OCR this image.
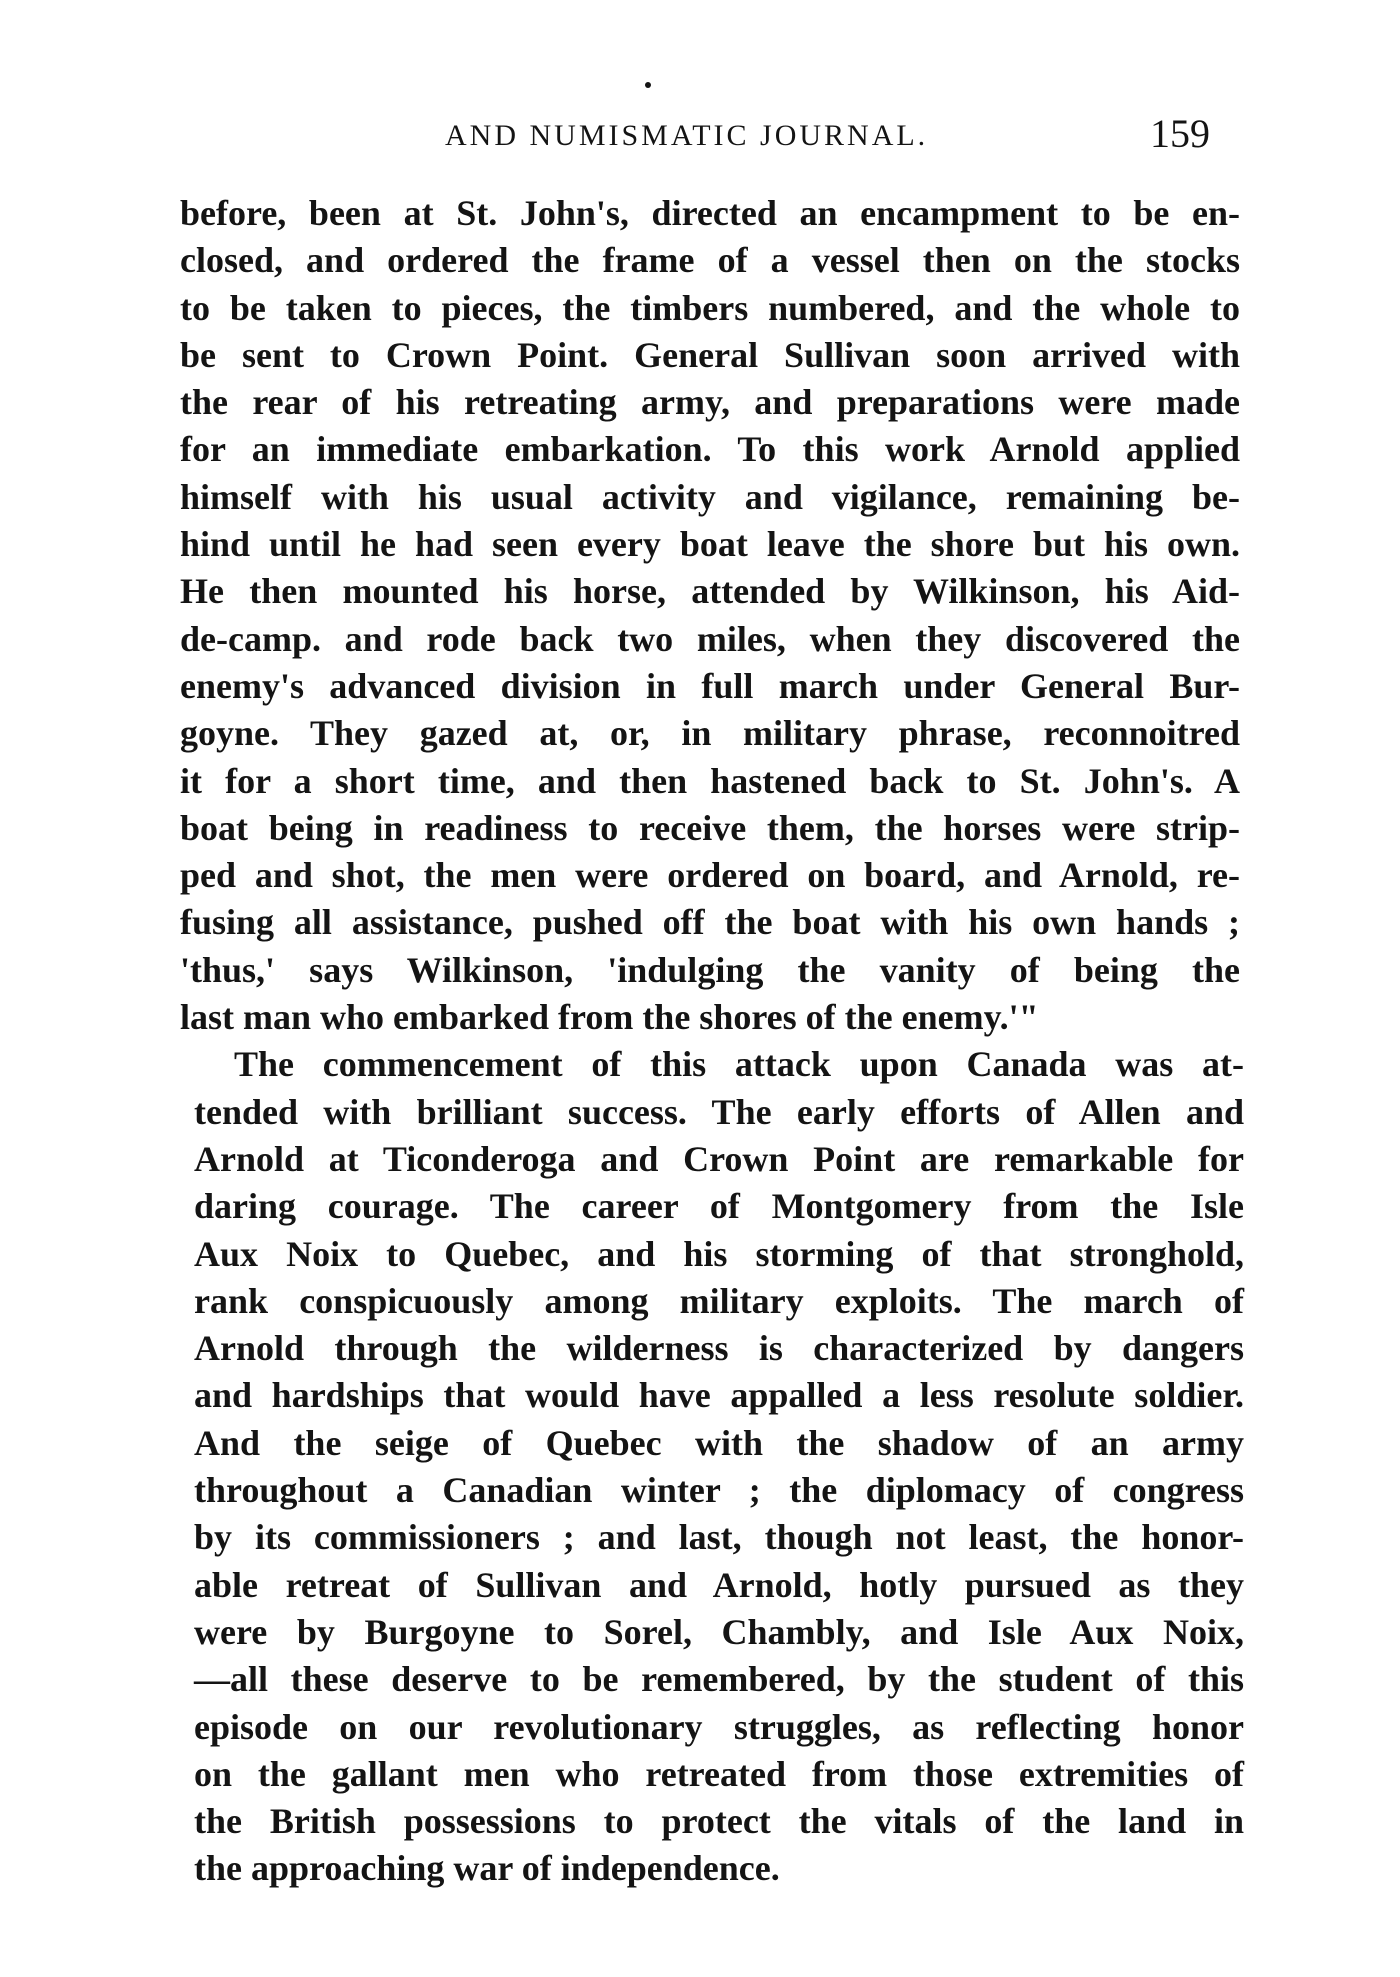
AND NUMISMATIC JOURNAL.	159
before, been at St. John's, directed an encampment to be en-
closed, and ordered the frame of a vessel then on the stocks
to be taken to pieces, the timbers numbered, and the whole to
be sent to Crown Point. General Sullivan soon arrived with
the rear of his retreating army, and preparations were made
for an immediate embarkation. To this work Arnold applied
himself with his usual activity and vigilance, remaining be-
hind until he had seen every boat leave the shore but his own.
He then mounted his horse, attended by Wilkinson, his Aid-
de-camp. and rode back two miles, when they discovered the
enemy's advanced division in full march under General Bur-
goyne. They gazed at, or, in military phrase, reconnoitred
it for a short time, and then hastened back to St. John's. A
boat being in readiness to receive them, the horses were strip-
ped and shot, the men were ordered on board, and Arnold, re-
fusing all assistance, pushed off the boat with his own hands ;
'thus,' says Wilkinson, 'indulging the vanity of being the
last man who embarked from the shores of the enemy.'"
The commencement of this attack upon Canada was at-
tended with brilliant success. The early efforts of Allen and
Arnold at Ticonderoga and Crown Point are remarkable for
daring courage. The career of Montgomery from the Isle
Aux Noix to Quebec, and his storming of that stronghold,
rank conspicuously among military exploits. The march of
Arnold through the wilderness is characterized by dangers
and hardships that would have appalled a less resolute soldier.
And the seige of Quebec with the shadow of an army
throughout a Canadian winter ; the diplomacy of congress
by its commissioners ; and last, though not least, the honor-
able retreat of Sullivan and Arnold, hotly pursued as they
were by Burgoyne to Sorel, Chambly, and Isle Aux Noix,
—all these deserve to be remembered, by the student of this
episode on our revolutionary struggles, as reflecting honor
on the gallant men who retreated from those extremities of
the British possessions to protect the vitals of the land in
the approaching war of independence.
